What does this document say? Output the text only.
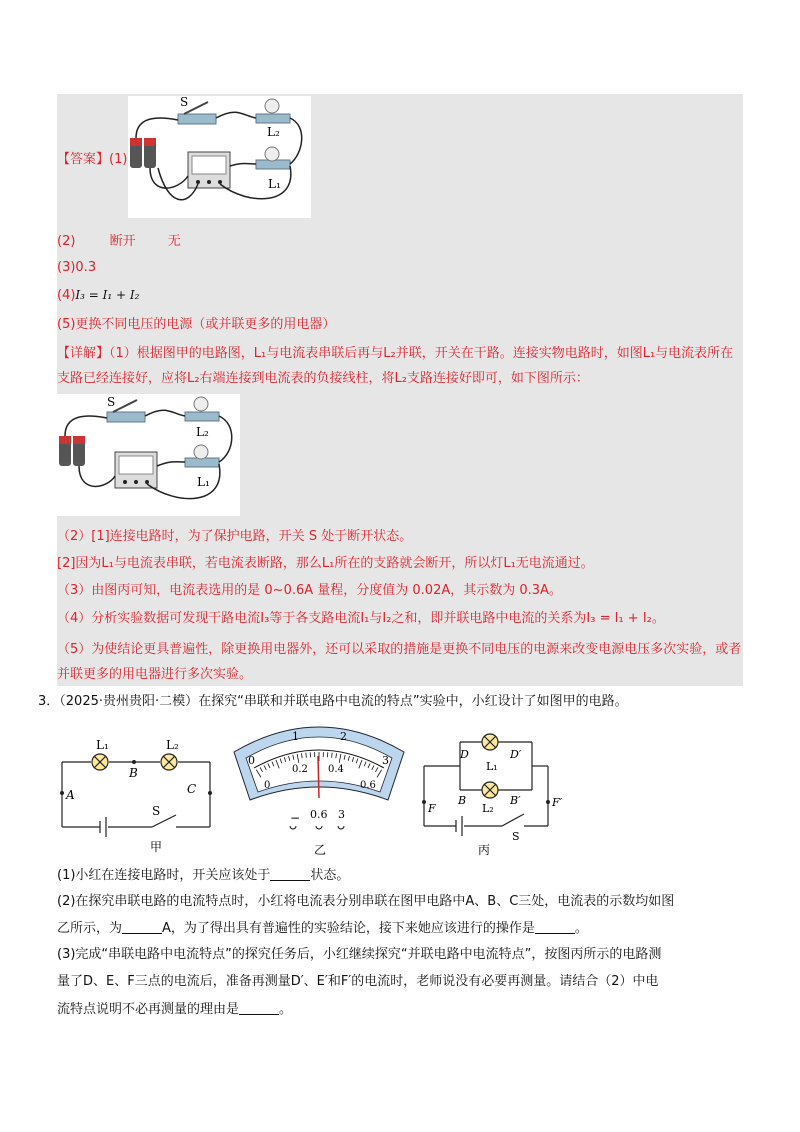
S
L₂
L₁
【答案】(1)
(2)	断开 无
(3)0.3
(4)I₃ = I₁ + I₂
(5)更换不同电压的电源（或并联更多的用电器）
【详解】（1）根据图甲的电路图，L₁与电流表串联后再与L₂并联，开关在干路。连接实物电路时，如图L₁与电流表所在支路已经连接好，应将L₂右端连接到电流表的负接线柱，将L₂支路连接好即可，如下图所示：
S
L₂
L₁
（2）[1]连接电路时，为了保护电路，开关 S 处于断开状态。
[2]因为L₁与电流表串联，若电流表断路，那么L₁所在的支路就会断开，所以灯L₁无电流通过。
（3）由图丙可知，电流表选用的是 0~0.6A 量程，分度值为 0.02A，其示数为 0.3A。
（4）分析实验数据可发现干路电流I₃等于各支路电流I₁与I₂之和，即并联电路中电流的关系为I₃ = I₁ + I₂。
（5）为使结论更具普遍性，除更换用电器外，还可以采取的措施是更换不同电压的电源来改变电源电压多次实验，或者并联更多的用电器进行多次实验。
3．（2025·贵州贵阳·二模）在探究“串联和并联电路中电流的特点”实验中，小红设计了如图甲的电路。
L₁	L₂
A
B
C
S
甲
0
1	2
3
0
0.2 0.4
0.6
− 0.6 3
乙
D	D′
L₁
B	B′
L₂
F	F′
S
丙
(1)小红在连接电路时，开关应该处于	状态。
(2)在探究串联电路的电流特点时，小红将电流表分别串联在图甲电路中A、B、C三处，电流表的示数均如图
乙所示，为	A，为了得出具有普遍性的实验结论，接下来她应该进行的操作是	。
(3)完成“串联电路中电流特点”的探究任务后，小红继续探究“并联电路中电流特点”，按图丙所示的电路测
量了D、E、F三点的电流后，准备再测量D′、E′和F′的电流时，老师说没有必要再测量。请结合（2）中电
流特点说明不必再测量的理由是	。
